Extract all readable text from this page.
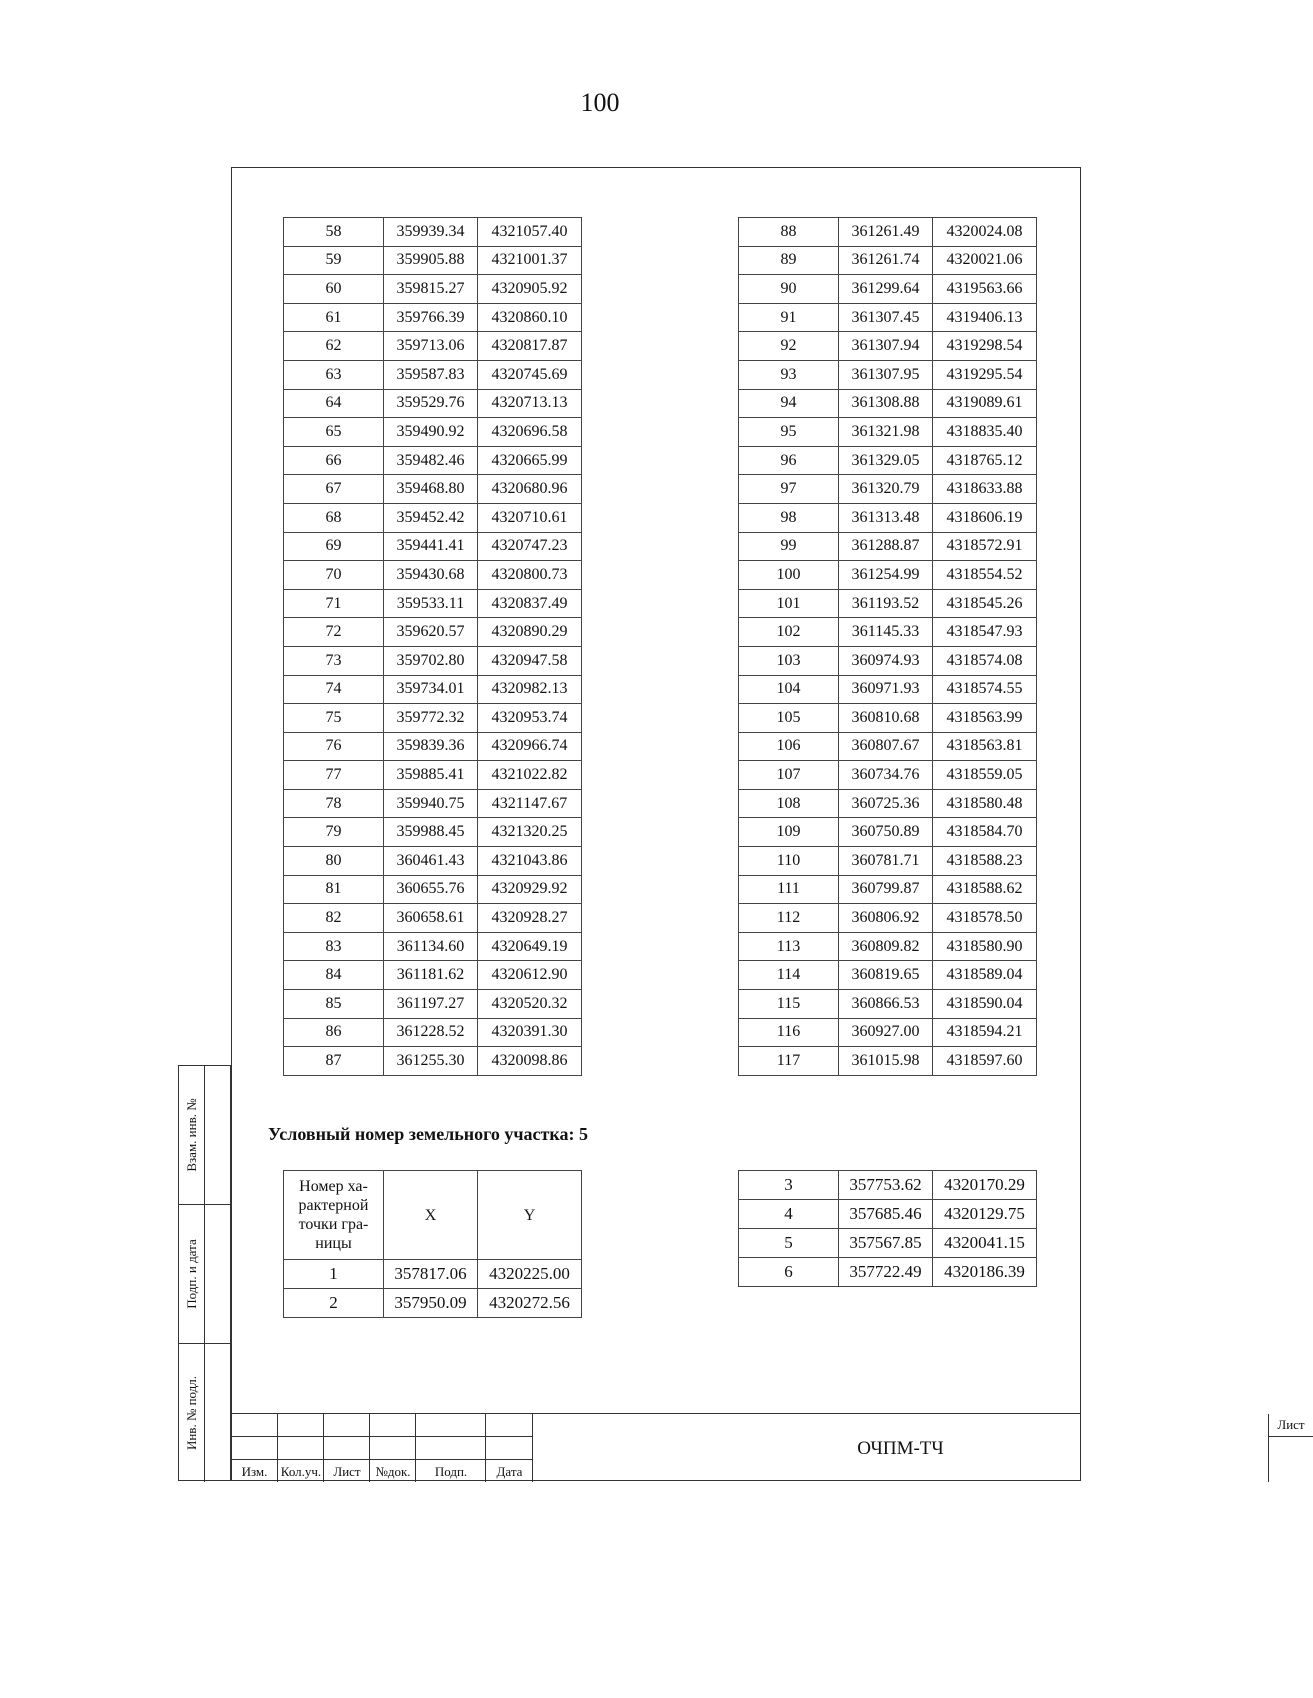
100
58	359939.34	4321057.40
59	359905.88	4321001.37
60	359815.27	4320905.92
61	359766.39	4320860.10
62	359713.06	4320817.87
63	359587.83	4320745.69
64	359529.76	4320713.13
65	359490.92	4320696.58
66	359482.46	4320665.99
67	359468.80	4320680.96
68	359452.42	4320710.61
69	359441.41	4320747.23
70	359430.68	4320800.73
71	359533.11	4320837.49
72	359620.57	4320890.29
73	359702.80	4320947.58
74	359734.01	4320982.13
75	359772.32	4320953.74
76	359839.36	4320966.74
77	359885.41	4321022.82
78	359940.75	4321147.67
79	359988.45	4321320.25
80	360461.43	4321043.86
81	360655.76	4320929.92
82	360658.61	4320928.27
83	361134.60	4320649.19
84	361181.62	4320612.90
85	361197.27	4320520.32
86	361228.52	4320391.30
87	361255.30	4320098.86
88	361261.49	4320024.08
89	361261.74	4320021.06
90	361299.64	4319563.66
91	361307.45	4319406.13
92	361307.94	4319298.54
93	361307.95	4319295.54
94	361308.88	4319089.61
95	361321.98	4318835.40
96	361329.05	4318765.12
97	361320.79	4318633.88
98	361313.48	4318606.19
99	361288.87	4318572.91
100	361254.99	4318554.52
101	361193.52	4318545.26
102	361145.33	4318547.93
103	360974.93	4318574.08
104	360971.93	4318574.55
105	360810.68	4318563.99
106	360807.67	4318563.81
107	360734.76	4318559.05
108	360725.36	4318580.48
109	360750.89	4318584.70
110	360781.71	4318588.23
111	360799.87	4318588.62
112	360806.92	4318578.50
113	360809.82	4318580.90
114	360819.65	4318589.04
115	360866.53	4318590.04
116	360927.00	4318594.21
117	361015.98	4318597.60
Условный номер земельного участка: 5
Номер ха-
рактерной
точки гра-
ницы	X	Y
1	357817.06	4320225.00
2	357950.09	4320272.56
3	357753.62	4320170.29
4	357685.46	4320129.75
5	357567.85	4320041.15
6	357722.49	4320186.39
Взам. инв. №
Подп. и дата
Инв. № подл.
Изм.	Кол.уч. Лист	№док.	Подп.	Дата
ОЧПМ-ТЧ
Лист
